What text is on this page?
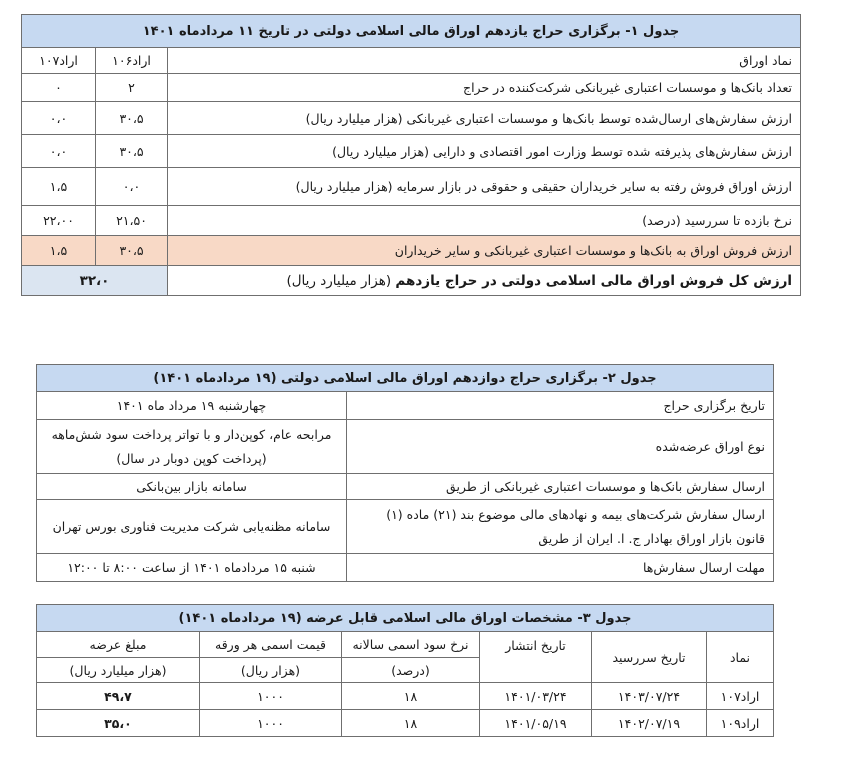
جدول ۱- برگزاری حراج یازدهم اوراق مالی اسلامی دولتی در تاریخ ۱۱ مردادماه ۱۴۰۱		
نماد اوراق	اراد۱۰۶	اراد۱۰۷
تعداد بانک‌ها و موسسات اعتباری غیربانکی شرکت‌کننده در حراج	۲	۰
ارزش سفارش‌های ارسال‌شده توسط بانک‌ها و موسسات اعتباری غیربانکی (هزار میلیارد ریال)	۳۰،۵	۰،۰
ارزش سفارش‌های پذیرفته شده توسط وزارت امور اقتصادی و دارایی (هزار میلیارد ریال)	۳۰،۵	۰،۰
ارزش اوراق فروش رفته به سایر خریداران حقیقی و حقوقی در بازار سرمایه (هزار میلیارد ریال)	۰،۰	۱،۵
نرخ بازده تا سررسید (درصد)	۲۱،۵۰	۲۲،۰۰
ارزش فروش اوراق به بانک‌ها و موسسات اعتباری غیربانکی و سایر خریداران	۳۰،۵	۱،۵
ارزش کل فروش اوراق مالی اسلامی دولتی در حراج یازدهم (هزار میلیارد ریال)	۳۲،۰	
جدول ۲- برگزاری حراج دوازدهم اوراق مالی اسلامی دولتی (۱۹ مردادماه ۱۴۰۱)	
تاریخ برگزاری حراج	چهارشنبه ۱۹ مرداد ماه ۱۴۰۱
نوع اوراق عرضه‌شده	مرابحه عام، کوپن‌دار و با تواتر پرداخت سود شش‌ماهه (پرداخت کوپن دوبار در سال)
ارسال سفارش بانک‌ها و موسسات اعتباری غیربانکی از طریق	سامانه بازار بین‌بانکی
ارسال سفارش شرکت‌های بیمه و نهادهای مالی موضوع بند (۲۱) ماده (۱) قانون بازار اوراق بهادار ج. ا. ایران از طریق	سامانه مظنه‌یابی شرکت مدیریت فناوری بورس تهران
مهلت ارسال سفارش‌ها	شنبه ۱۵ مردادماه ۱۴۰۱ از ساعت ۸:۰۰ تا ۱۲:۰۰
جدول ۳- مشخصات اوراق مالی اسلامی قابل عرضه (۱۹ مردادماه ۱۴۰۱)					
نماد	تاریخ سررسید	تاریخ انتشار	نرخ سود اسمی سالانه	قیمت اسمی هر ورقه	مبلغ عرضه
			(درصد)	(هزار ریال)	(هزار میلیارد ریال)
اراد۱۰۷	۱۴۰۳/۰۷/۲۴	۱۴۰۱/۰۳/۲۴	۱۸	۱۰۰۰	۴۹،۷
اراد۱۰۹	۱۴۰۲/۰۷/۱۹	۱۴۰۱/۰۵/۱۹	۱۸	۱۰۰۰	۳۵،۰
